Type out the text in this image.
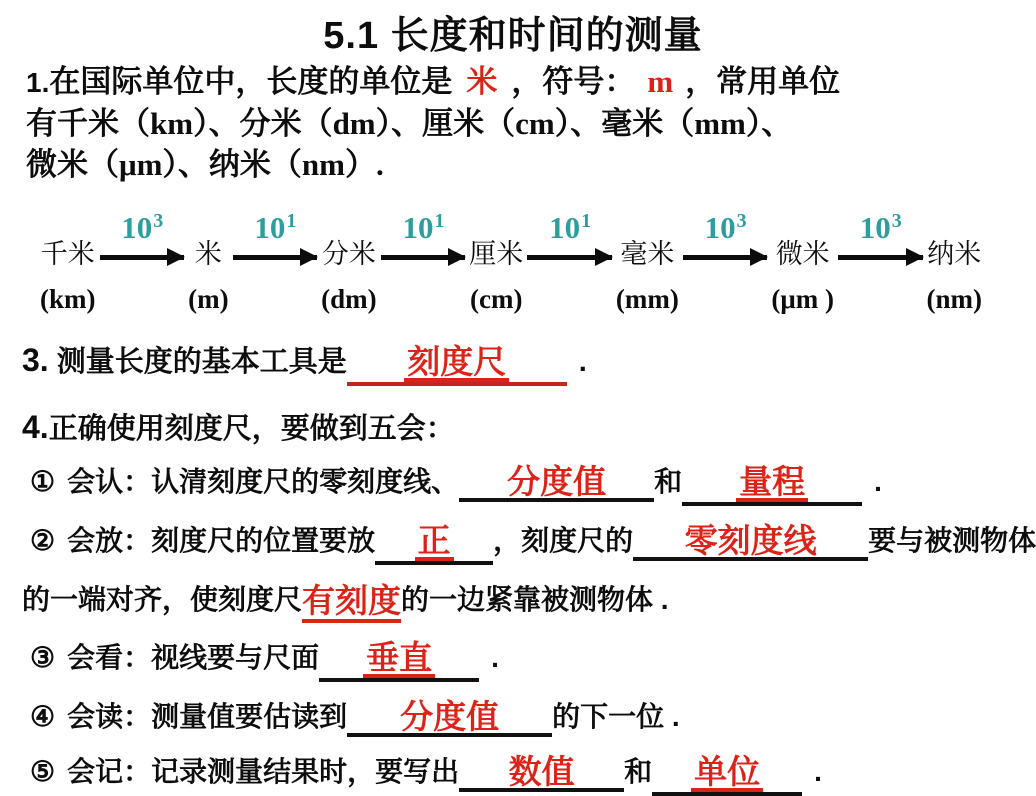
5.1 长度和时间的测量
1.在国际单位中，长度的单位是 米 ，符号： m ，常用单位
有千米（km）、分米（dm）、厘米（cm）、毫米（mm）、
微米（μm）、纳米（nm）.
千米
(km)
$10^3$
米
(m)
$10^1$
分米
(dm)
$10^1$
厘米
(cm)
$10^1$
毫米
(mm)
$10^3$
微米
(μm )
$10^3$
纳米
(nm)
3. 测量长度的基本工具是 刻度尺	.
4.正确使用刻度尺，要做到五会：
① 会认：认清刻度尺的零刻度线、 分度值 和 量程 .
② 会放：刻度尺的位置要放 正 ，刻度尺的 零刻度线 要与被测物体
的一端对齐，使刻度尺有刻度的一边紧靠被测物体 .
③ 会看：视线要与尺面 垂直 .
④ 会读：测量值要估读到 分度值 的下一位 .
⑤ 会记：记录测量结果时，要写出 数值 和 单位 .
